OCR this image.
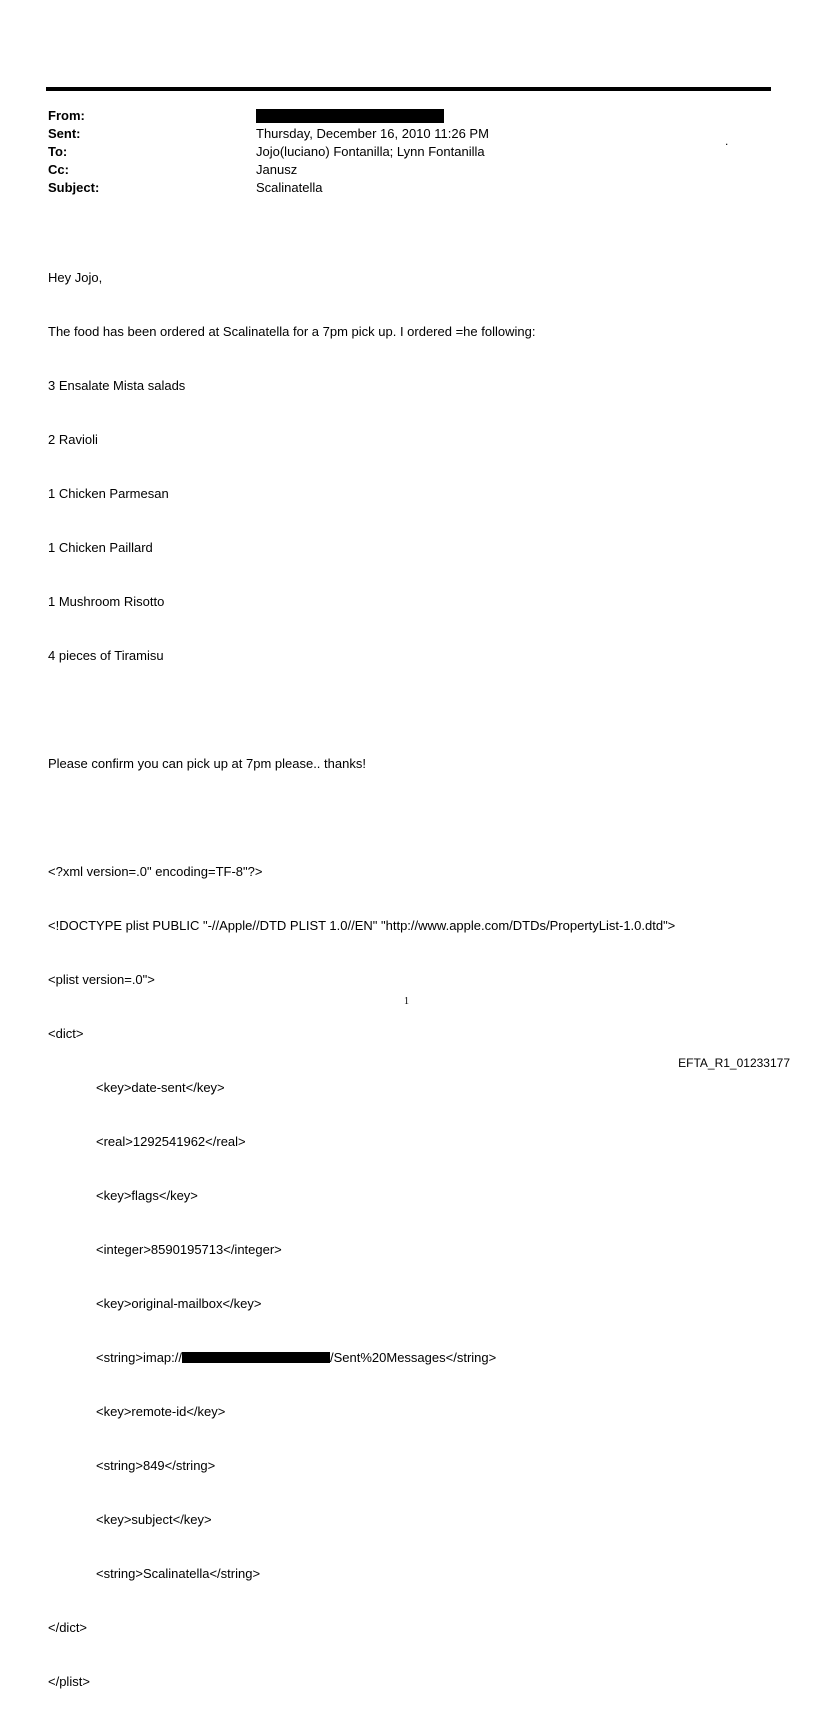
From:
Sent:	Thursday, December 16, 2010 11:26 PM
To:	Jojo(luciano) Fontanilla; Lynn Fontanilla
Cc:	Janusz
Subject:	Scalinatella
.

Hey Jojo,

The food has been ordered at Scalinatella for a 7pm pick up. I ordered =he following:

3 Ensalate Mista salads

2 Ravioli

1 Chicken Parmesan

1 Chicken Paillard

1 Mushroom Risotto

4 pieces of Tiramisu

Please confirm you can pick up at 7pm please.. thanks!

<?xml version=.0" encoding=TF-8"?>

<!DOCTYPE plist PUBLIC "-//Apple//DTD PLIST 1.0//EN" "http://www.apple.com/DTDs/PropertyList-1.0.dtd">

<plist version=.0">

<dict>

<key>date-sent</key>

<real>1292541962</real>

<key>flags</key>

<integer>8590195713</integer>

<key>original-mailbox</key>

<string>imap://	/Sent%20Messages</string>

<key>remote-id</key>

<string>849</string>

<key>subject</key>

<string>Scalinatella</string>

</dict>

</plist>

1
EFTA_R1_01233177
